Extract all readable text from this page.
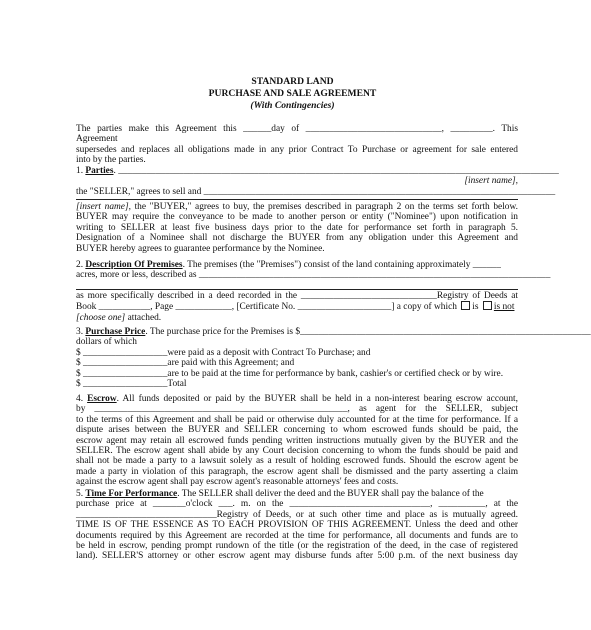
STANDARD LAND
PURCHASE AND SALE AGREEMENT
(With Contingencies)
The parties make this Agreement this ______day of _____________________________, _________. This Agreement
supersedes and replaces all obligations made in any prior Contract To Purchase or agreement for sale entered
into by the parties.
1. Parties. ______________________________________________________________________________________________
[insert name],
the "SELLER," agrees to sell and ___________________________________________________________________________
[insert name], the "BUYER," agrees to buy, the premises described in paragraph 2 on the terms set forth below.
BUYER may require the conveyance to be made to another person or entity ("Nominee") upon notification in
writing to SELLER at least five business days prior to the date for performance set forth in paragraph 5.
Designation of a Nominee shall not discharge the BUYER from any obligation under this Agreement and
BUYER hereby agrees to guarantee performance by the Nominee.
2. Description Of Premises. The premises (the "Premises") consist of the land containing approximately ______
acres, more or less, described as ___________________________________________________________________________
as more specifically described in a deed recorded in the _____________________________Registry of Deeds at
Book ___________, Page ____________, [Certificate No. ____________________] a copy of which is is not
[choose one] attached.
3. Purchase Price. The purchase price for the Premises is $______________________________________________________________
dollars of which
$ __________________were paid as a deposit with Contract To Purchase; and
$ __________________are paid with this Agreement; and
$ __________________are to be paid at the time for performance by bank, cashier's or certified check or by wire.
$ __________________Total
4. Escrow. All funds deposited or paid by the BUYER shall be held in a non-interest bearing escrow account,
by ______________________________________________________, as agent for the SELLER, subject
to the terms of this Agreement and shall be paid or otherwise duly accounted for at the time for performance. If a
dispute arises between the BUYER and SELLER concerning to whom escrowed funds should be paid, the
escrow agent may retain all escrowed funds pending written instructions mutually given by the BUYER and the
SELLER. The escrow agent shall abide by any Court decision concerning to whom the funds should be paid and
shall not be made a party to a lawsuit solely as a result of holding escrowed funds. Should the escrow agent be
made a party in violation of this paragraph, the escrow agent shall be dismissed and the party asserting a claim
against the escrow agent shall pay escrow agent's reasonable attorneys' fees and costs.
5. Time For Performance. The SELLER shall deliver the deed and the BUYER shall pay the balance of the
purchase price at _______o'clock ___. m. on the ______________________________, __________, at the
______________________________Registry of Deeds, or at such other time and place as is mutually agreed.
TIME IS OF THE ESSENCE AS TO EACH PROVISION OF THIS AGREEMENT. Unless the deed and other
documents required by this Agreement are recorded at the time for performance, all documents and funds are to
be held in escrow, pending prompt rundown of the title (or the registration of the deed, in the case of registered
land). SELLER'S attorney or other escrow agent may disburse funds after 5:00 p.m. of the next business day
